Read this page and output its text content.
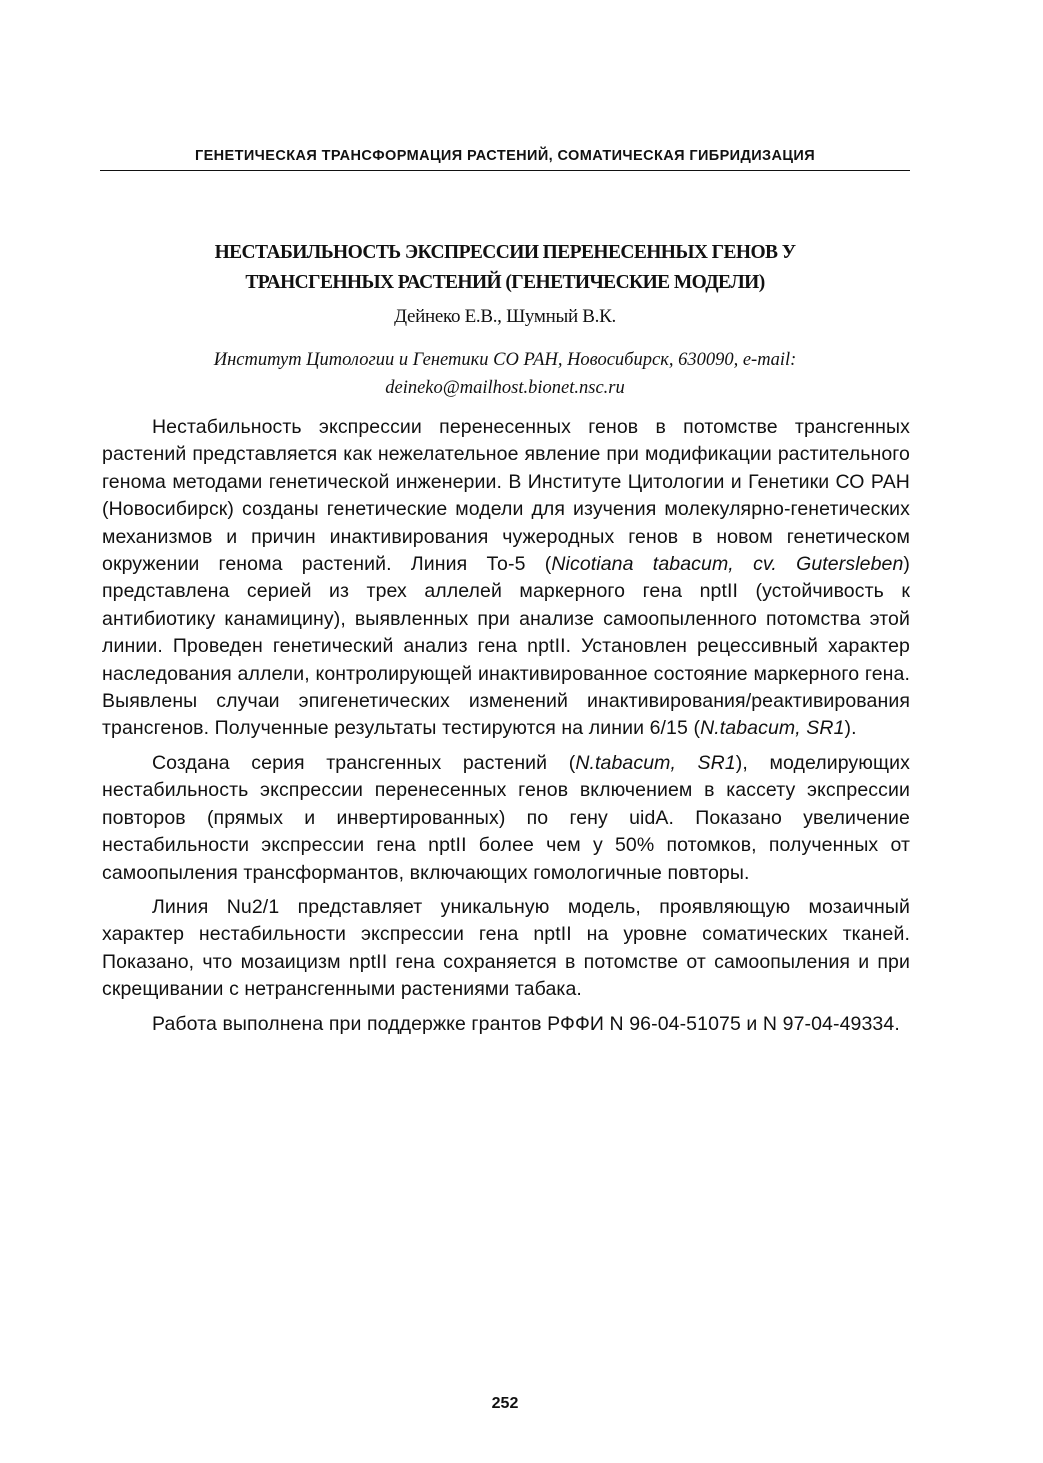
ГЕНЕТИЧЕСКАЯ ТРАНСФОРМАЦИЯ РАСТЕНИЙ, СОМАТИЧЕСКАЯ ГИБРИДИЗАЦИЯ
НЕСТАБИЛЬНОСТЬ ЭКСПРЕССИИ ПЕРЕНЕСЕННЫХ ГЕНОВ У
ТРАНСГЕННЫХ РАСТЕНИЙ (ГЕНЕТИЧЕСКИЕ МОДЕЛИ)
Дейнеко Е.В., Шумный В.К.
Институт Цитологии и Генетики СО РАН, Новосибирск, 630090, e-mail:
deineko@mailhost.bionet.nsc.ru

Нестабильность экспрессии перенесенных генов в потомстве трансгенных растений представляется как нежелательное явление при модификации растительного генома методами генетической инженерии. В Институте Цитологии и Генетики СО РАН (Новосибирск) созданы генетические модели для изучения молекулярно-генетических механизмов и причин инактивирования чужеродных генов в новом генетическом окружении генома растений. Линия То-5 (Nicotiana tabacum, cv. Gutersleben) представлена серией из трех аллелей маркерного гена nptII (устойчивость к антибиотику канамицину), выявленных при анализе самоопыленного потомства этой линии. Проведен генетический анализ гена nptII. Установлен рецессивный характер наследования аллели, контролирующей инактивированное состояние маркерного гена. Выявлены случаи эпигенетических изменений инактивирования/реактивирования трансгенов. Полученные результаты тестируются на линии 6/15 (N.tabacum, SR1).

Создана серия трансгенных растений (N.tabacum, SR1), моделирующих нестабильность экспрессии перенесенных генов включением в кассету экспрессии повторов (прямых и инвертированных) по гену uidA. Показано увеличение нестабильности экспрессии гена nptII более чем у 50% потомков, полученных от самоопыления трансформантов, включающих гомологичные повторы.

Линия Nu2/1 представляет уникальную модель, проявляющую мозаичный характер нестабильности экспрессии гена nptII на уровне соматических тканей. Показано, что мозаицизм nptII гена сохраняется в потомстве от самоопыления и при скрещивании с нетрансгенными растениями табака.

Работа выполнена при поддержке грантов РФФИ N 96-04-51075 и N 97-04-49334.

252
